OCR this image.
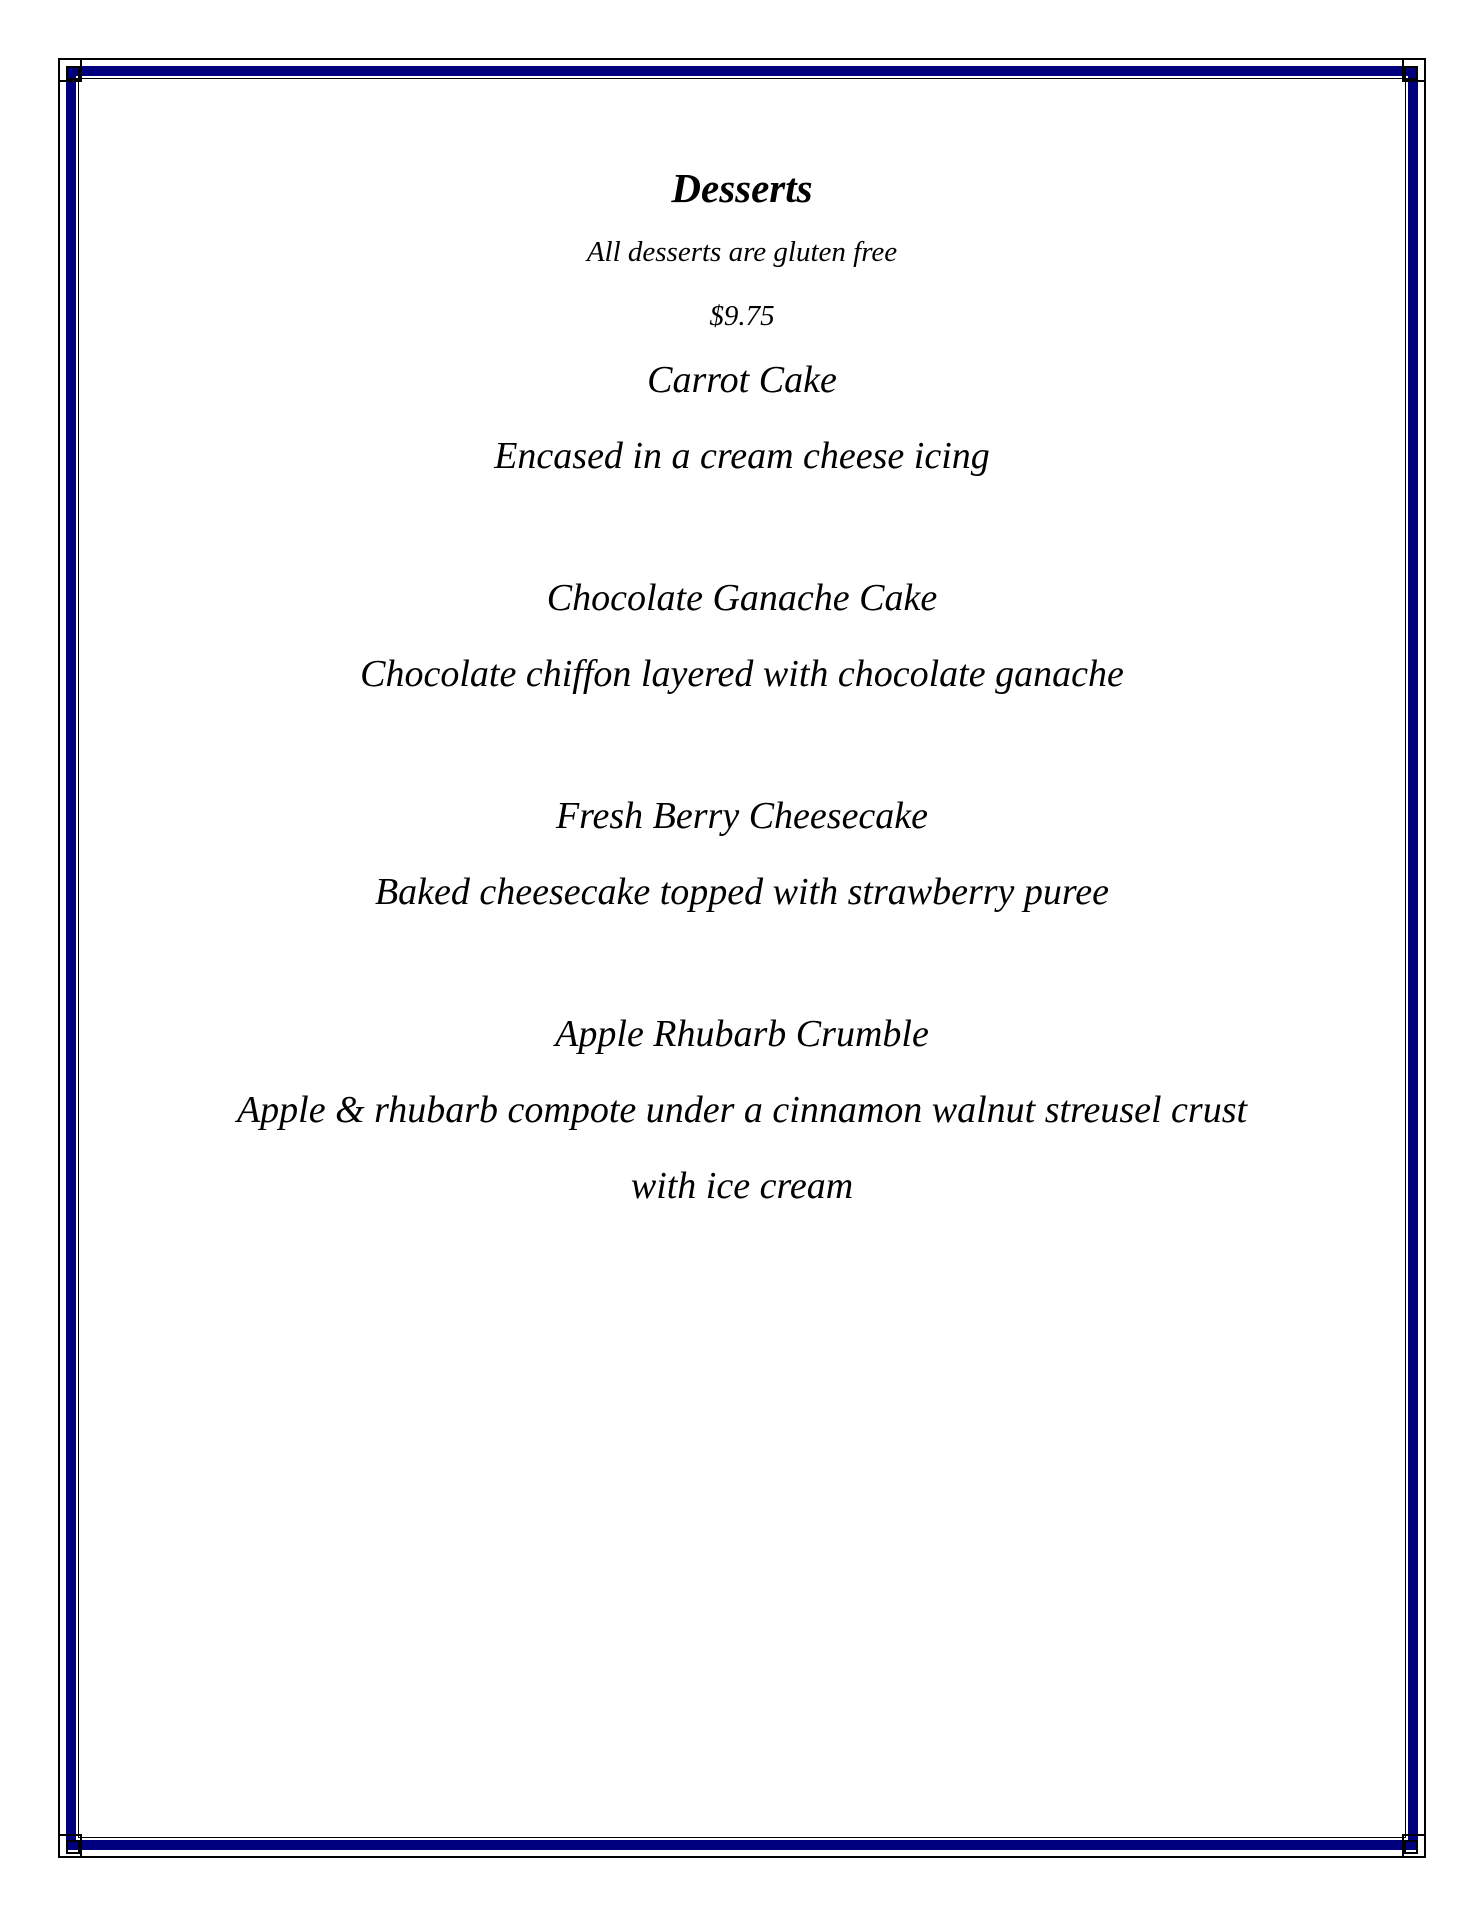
Desserts
All desserts are gluten free
$9.75
Carrot Cake
Encased in a cream cheese icing
Chocolate Ganache Cake
Chocolate chiffon layered with chocolate ganache
Fresh Berry Cheesecake
Baked cheesecake topped with strawberry puree
Apple Rhubarb Crumble
Apple & rhubarb compote under a cinnamon walnut streusel crust
with ice cream
